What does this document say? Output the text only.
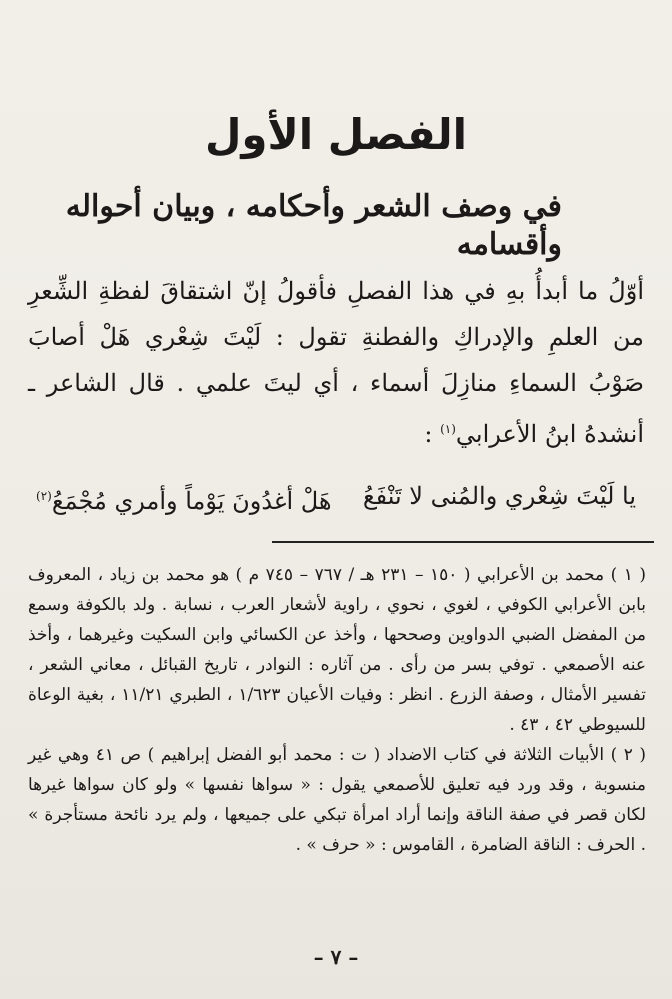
الفصل الأول
في وصف الشعر وأحكامه ، وبيان أحواله وأقسامه

أوّلُ ما أبدأُ بهِ في هذا الفصلِ فأقولُ إنّ اشتقاقَ لفظةِ الشِّعرِ من العلمِ والإدراكِ والفطنةِ تقول : لَيْتَ شِعْري هَلْ أصابَ صَوْبُ السماءِ منازِلَ أسماء ، أي ليتَ علمي . قال الشاعر ـ أنشدهُ ابنُ الأعرابي$^{(١)}$ :

يا لَيْتَ شِعْري والمُنى لا تَنْفَعُ
هَلْ أغدُونَ يَوْماً وأمري مُجْمَعُ$^{(٢)}$

( ١ ) محمد بن الأعرابي ( ١٥٠ – ٢٣١ هـ / ٧٦٧ – ٧٤٥ م ) هو محمد بن زياد ، المعروف بابن الأعرابي الكوفي ، لغوي ، نحوي ، راوية لأشعار العرب ، نسابة . ولد بالكوفة وسمع من المفضل الضبي الدواوين وصححها ، وأخذ عن الكسائي وابن السكيت وغيرهما ، وأخذ عنه الأصمعي . توفي بسر من رأى . من آثاره : النوادر ، تاريخ القبائل ، معاني الشعر ، تفسير الأمثال ، وصفة الزرع . انظر : وفيات الأعيان ١/٦٢٣ ، الطبري ١١/٢١ ، بغية الوعاة للسيوطي ٤٢ ، ٤٣ .

( ٢ ) الأبيات الثلاثة في كتاب الاضداد ( ت : محمد أبو الفضل إبراهيم ) ص ٤١ وهي غير منسوبة ، وقد ورد فيه تعليق للأصمعي يقول : « سواها نفسها » ولو كان سواها غيرها لكان قصر في صفة الناقة وإنما أراد امرأة تبكي على جميعها ، ولم يرد نائحة مستأجرة » . الحرف : الناقة الضامرة ، القاموس : « حرف » .

– ٧ –
